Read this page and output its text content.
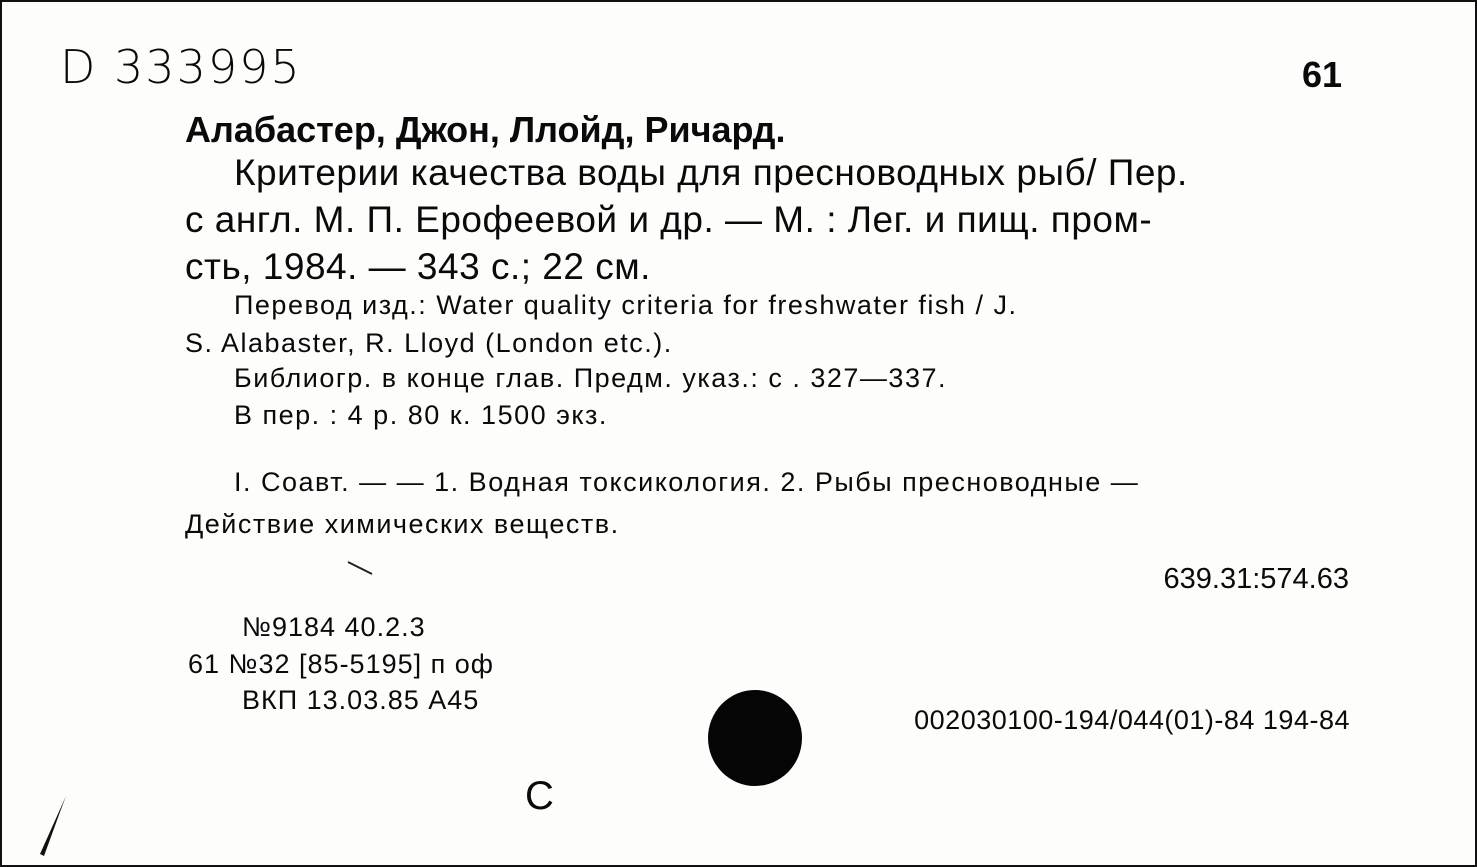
D 333995	61
Алабастер, Джон, Ллойд, Ричард.
Критерии качества воды для пресноводных рыб/ Пер.
с англ. М. П. Ерофеевой и др. — М. : Лег. и пищ. пром-
сть, 1984. — 343 с.; 22 см.
Перевод изд.: Water quality criteria for freshwater fish / J.
S. Alabaster, R. Lloyd (London etc.).
Библиогр. в конце глав. Предм. указ.: с . 327—337.
В пер. : 4 р. 80 к. 1500 экз.
I. Соавт. — — 1. Водная токсикология. 2. Рыбы пресноводные —
Действие химических веществ.
639.31:574.63
№9184 40.2.3
61 №32 [85-5195] п оф
ВКП 13.03.85 А45
002030100-194/044(01)-84 194-84
С
